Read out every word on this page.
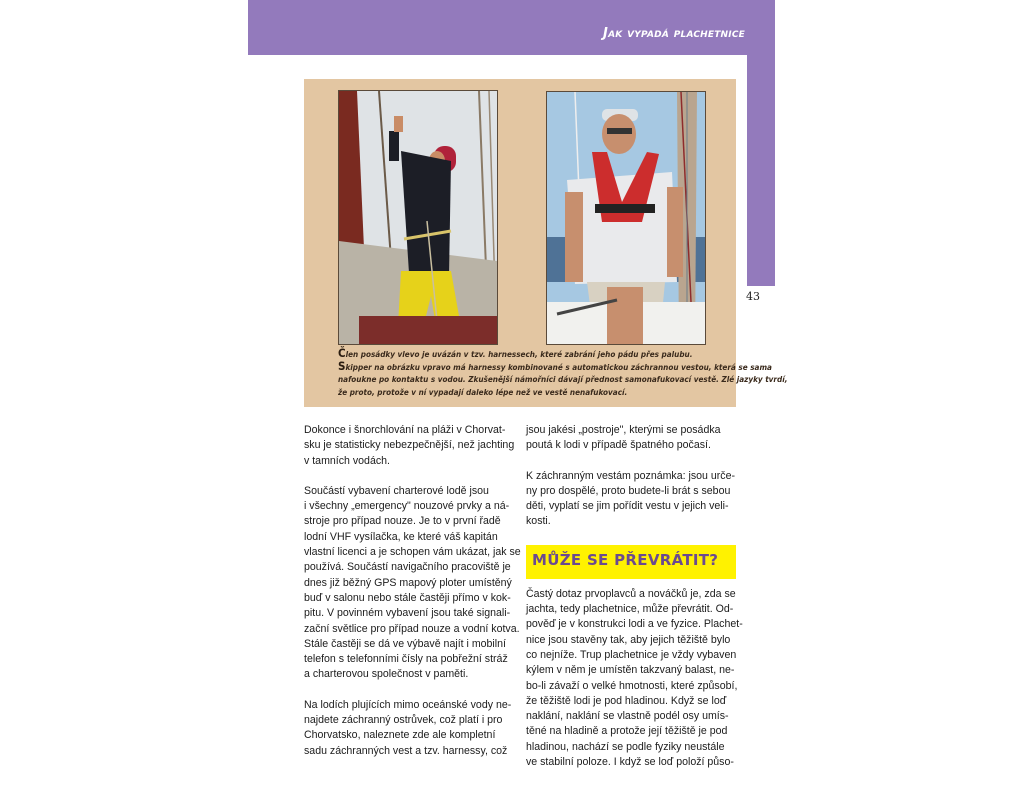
Jak vypadá plachetnice
43
Člen posádky vlevo je uvázán v tzv. harnessech, které zabrání jeho pádu přes palubu.
Skipper na obrázku vpravo má harnessy kombinované s automatickou záchrannou vestou, která se sama
nafoukne po kontaktu s vodou. Zkušenější námořníci dávají přednost samonafukovací vestě. Zlé jazyky tvrdí,
že proto, protože v ní vypadají daleko lépe než ve vestě nenafukovací.

Dokonce i šnorchlování na pláži v Chorvat-
sku je statisticky nebezpečnější, než jachting
v tamních vodách.

Součástí vybavení charterové lodě jsou
i všechny „emergency" nouzové prvky a ná-
stroje pro případ nouze. Je to v první řadě
lodní VHF vysílačka, ke které váš kapitán
vlastní licenci a je schopen vám ukázat, jak se
používá. Součástí navigačního pracoviště je
dnes již běžný GPS mapový ploter umístěný
buď v salonu nebo stále častěji přímo v kok-
pitu. V povinném vybavení jsou také signali-
zační světlice pro případ nouze a vodní kotva.
Stále častěji se dá ve výbavě najít i mobilní
telefon s telefonními čísly na pobřežní stráž
a charterovou společnost v paměti.

Na lodích plujících mimo oceánské vody ne-
najdete záchranný ostrůvek, což platí i pro
Chorvatsko, naleznete zde ale kompletní
sadu záchranných vest a tzv. harnessy, což

jsou jakési „postroje", kterými se posádka
poutá k lodi v případě špatného počasí.

K záchranným vestám poznámka: jsou urče-
ny pro dospělé, proto budete-li brát s sebou
děti, vyplatí se jim pořídit vestu v jejich veli-
kosti.

MŮŽE SE PŘEVRÁTIT?

Častý dotaz prvoplavců a nováčků je, zda se
jachta, tedy plachetnice, může převrátit. Od-
pověď je v konstrukci lodi a ve fyzice. Plachet-
nice jsou stavěny tak, aby jejich těžiště bylo
co nejníže. Trup plachetnice je vždy vybaven
kýlem v něm je umístěn takzvaný balast, ne-
bo-li závaží o velké hmotnosti, které způsobí,
že těžiště lodi je pod hladinou. Když se loď
naklání, naklání se vlastně podél osy umís-
těné na hladině a protože její těžiště je pod
hladinou, nachází se podle fyziky neustále
ve stabilní poloze. I když se loď položí půso-
